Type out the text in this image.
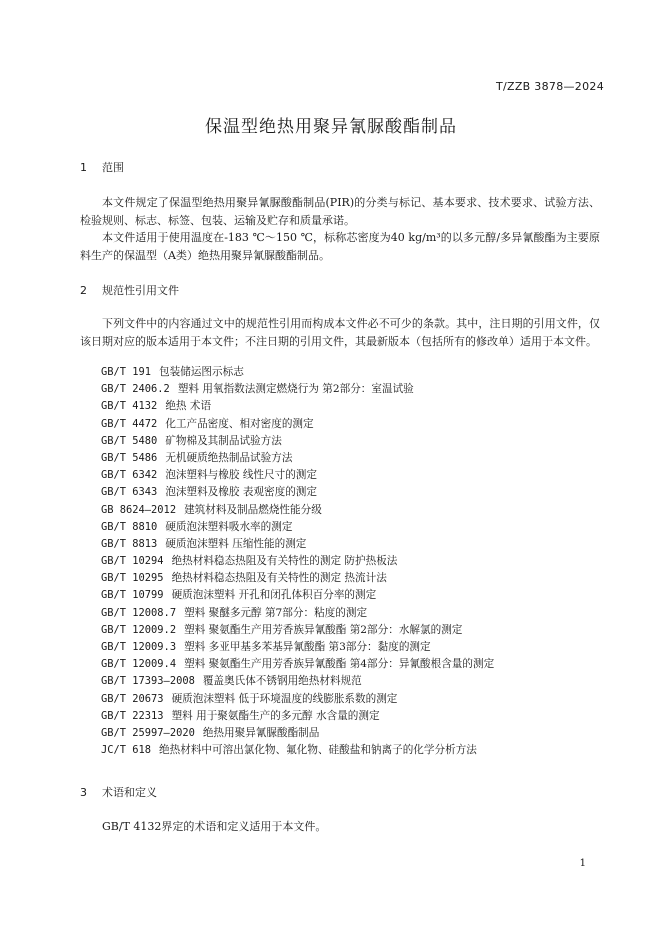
T/ZZB 3878—2024
保温型绝热用聚异氰脲酸酯制品
1 范围

本文件规定了保温型绝热用聚异氰脲酸酯制品(PIR)的分类与标记、基本要求、技术要求、试验方法、检验规则、标志、标签、包装、运输及贮存和质量承诺。

本文件适用于使用温度在-183 ℃～150 ℃，标称芯密度为40 kg/m³的以多元醇/多异氰酸酯为主要原料生产的保温型（A类）绝热用聚异氰脲酸酯制品。

2 规范性引用文件

下列文件中的内容通过文中的规范性引用而构成本文件必不可少的条款。其中，注日期的引用文件，仅该日期对应的版本适用于本文件；不注日期的引用文件，其最新版本（包括所有的修改单）适用于本文件。

GB/T 191 包装储运图示标志
GB/T 2406.2 塑料 用氧指数法测定燃烧行为 第2部分：室温试验
GB/T 4132 绝热 术语
GB/T 4472 化工产品密度、相对密度的测定
GB/T 5480 矿物棉及其制品试验方法
GB/T 5486 无机硬质绝热制品试验方法
GB/T 6342 泡沫塑料与橡胶 线性尺寸的测定
GB/T 6343 泡沫塑料及橡胶 表观密度的测定
GB 8624—2012 建筑材料及制品燃烧性能分级
GB/T 8810 硬质泡沫塑料吸水率的测定
GB/T 8813 硬质泡沫塑料 压缩性能的测定
GB/T 10294 绝热材料稳态热阻及有关特性的测定 防护热板法
GB/T 10295 绝热材料稳态热阻及有关特性的测定 热流计法
GB/T 10799 硬质泡沫塑料 开孔和闭孔体积百分率的测定
GB/T 12008.7 塑料 聚醚多元醇 第7部分：粘度的测定
GB/T 12009.2 塑料 聚氨酯生产用芳香族异氰酸酯 第2部分：水解氯的测定
GB/T 12009.3 塑料 多亚甲基多苯基异氰酸酯 第3部分：黏度的测定
GB/T 12009.4 塑料 聚氨酯生产用芳香族异氰酸酯 第4部分：异氰酸根含量的测定
GB/T 17393—2008 覆盖奥氏体不锈钢用绝热材料规范
GB/T 20673 硬质泡沫塑料 低于环境温度的线膨胀系数的测定
GB/T 22313 塑料 用于聚氨酯生产的多元醇 水含量的测定
GB/T 25997—2020 绝热用聚异氰脲酸酯制品
JC/T 618 绝热材料中可溶出氯化物、氟化物、硅酸盐和钠离子的化学分析方法
3 术语和定义

GB/T 4132界定的术语和定义适用于本文件。

1
